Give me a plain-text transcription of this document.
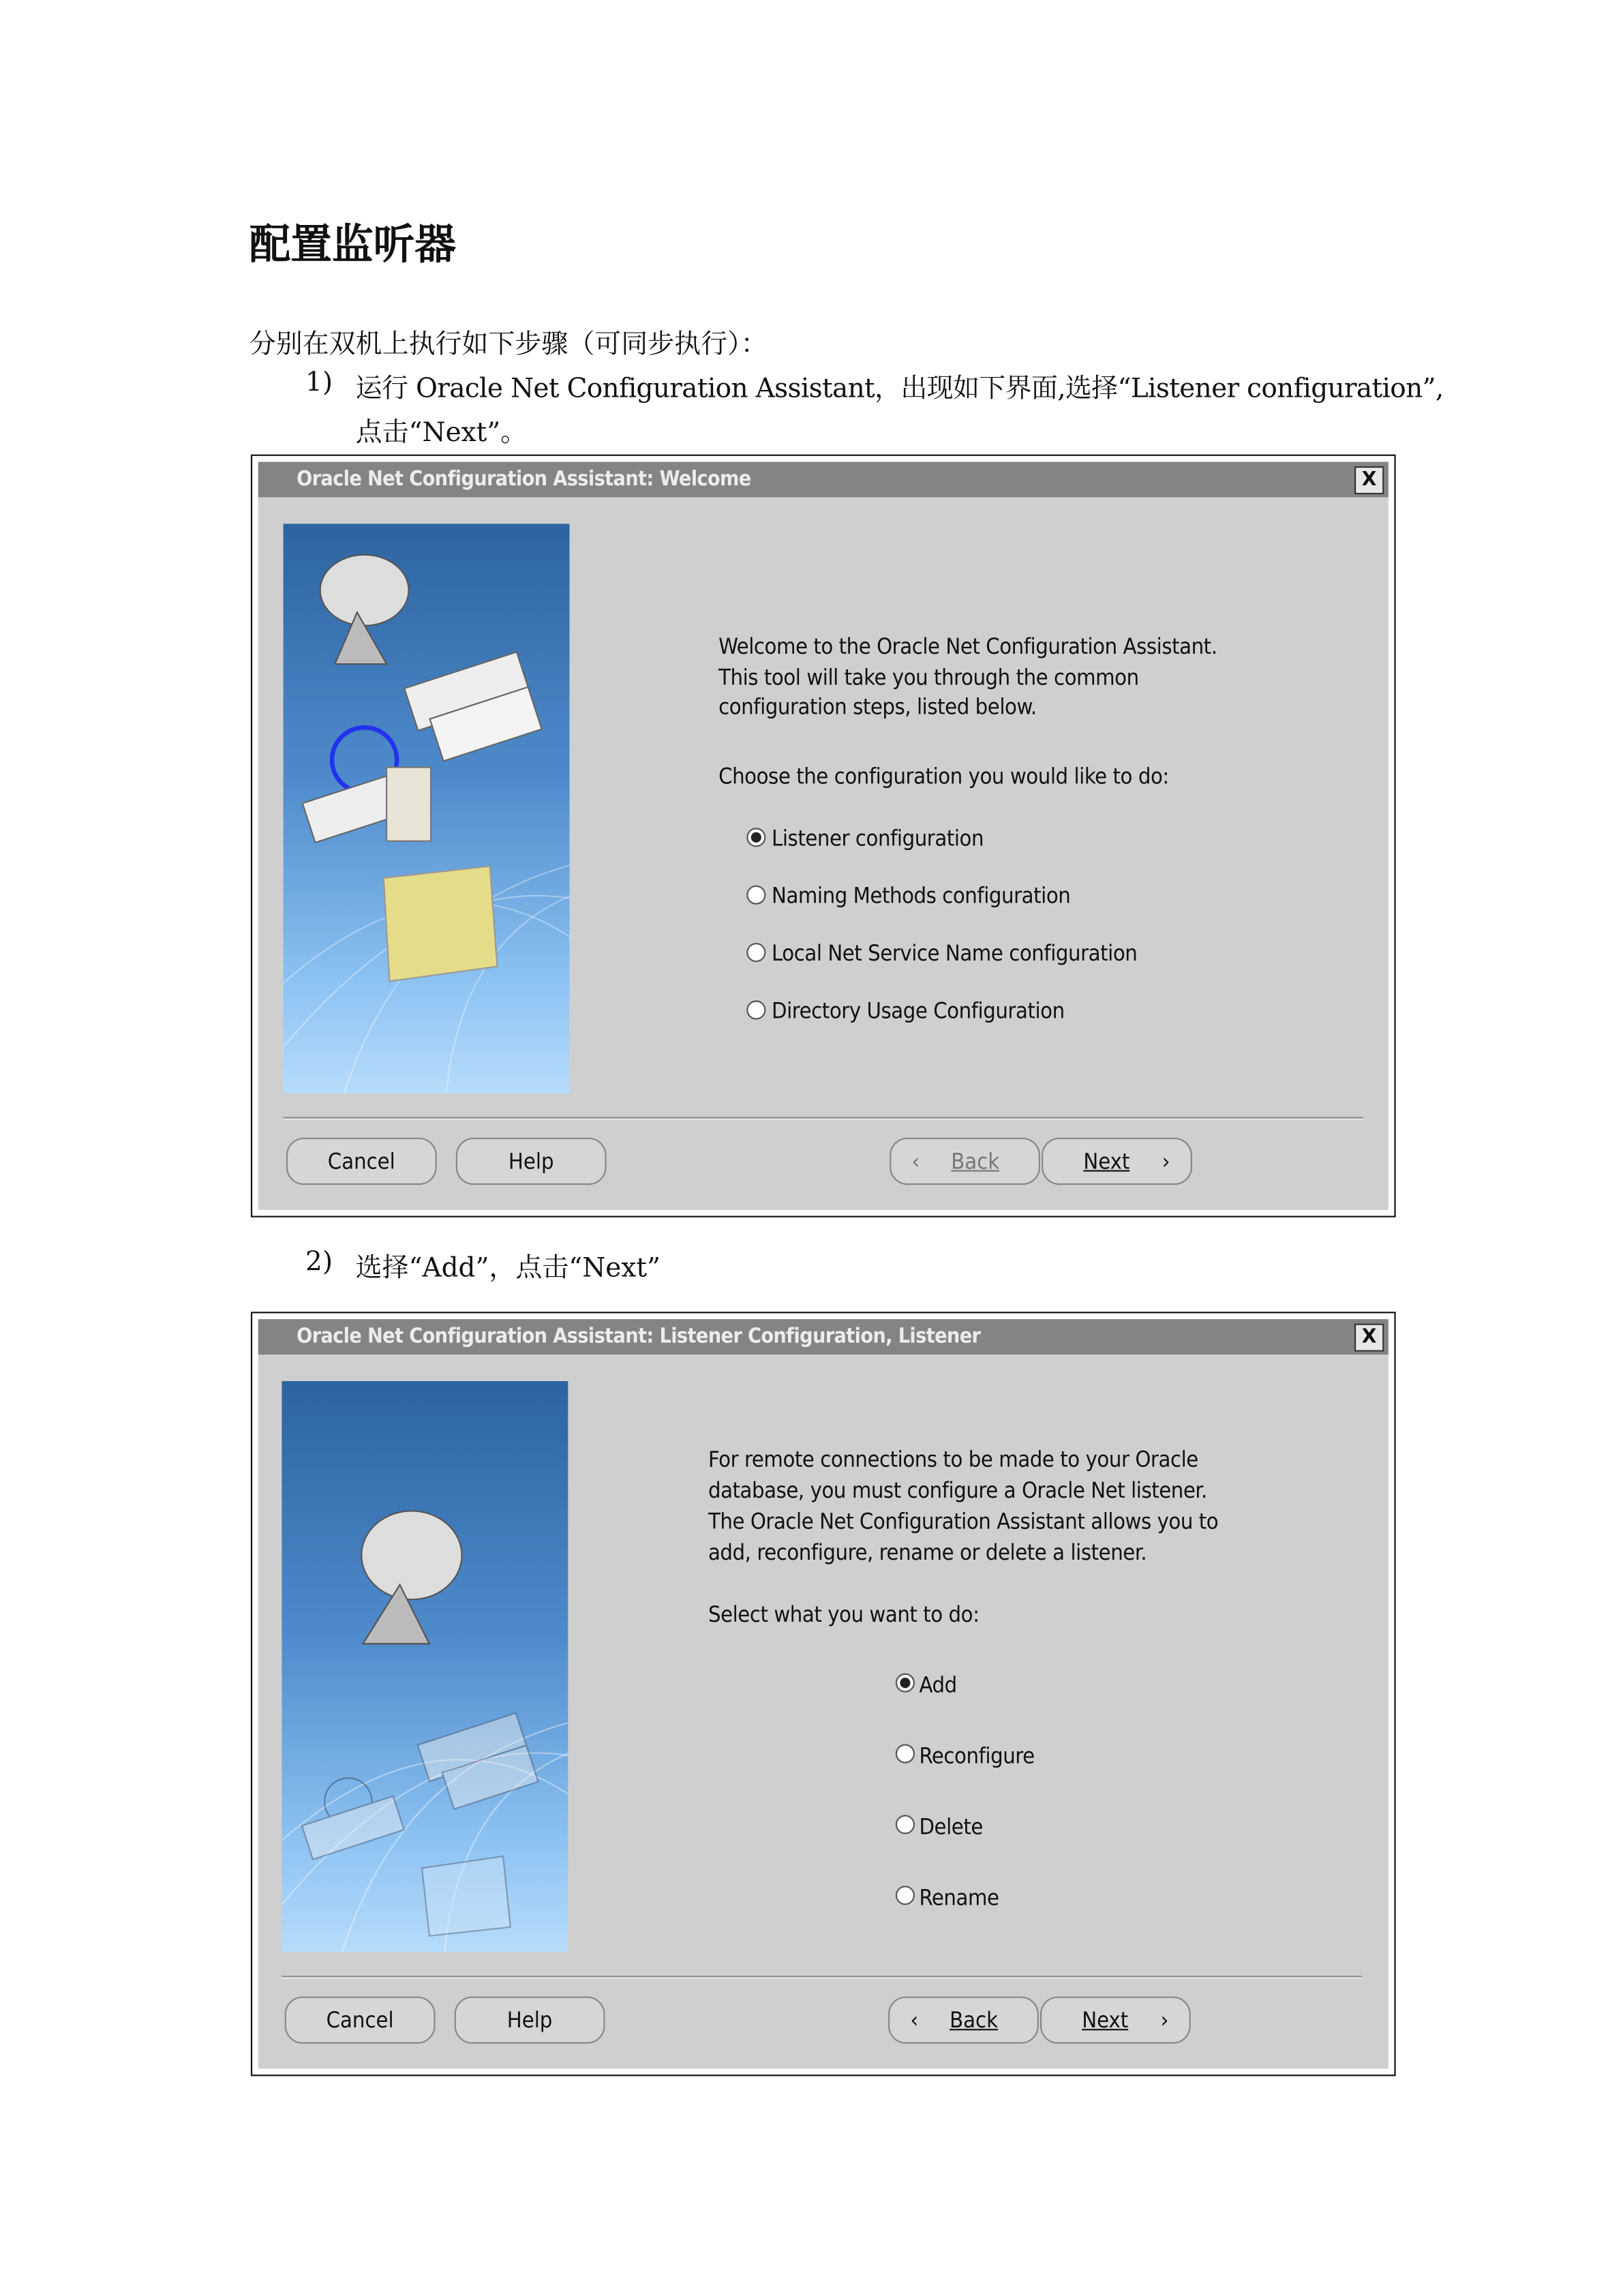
配置监听器
分别在双机上执行如下步骤（可同步执行）：
1) 运行 Oracle Net Configuration Assistant，出现如下界面,选择“Listener configuration”,
点击“Next”。
Oracle Net Configuration Assistant: Welcome	X
Welcome to the Oracle Net Configuration Assistant.
This tool will take you through the common
configuration steps, listed below.
Choose the configuration you would like to do:
Listener configuration
Naming Methods configuration
Local Net Service Name configuration
Directory Usage Configuration
Cancel	Help	‹	Back	Next	›
2) 选择“Add”，点击“Next”
Oracle Net Configuration Assistant: Listener Configuration, Listener	X
For remote connections to be made to your Oracle
database, you must configure a Oracle Net listener.
The Oracle Net Configuration Assistant allows you to
add, reconfigure, rename or delete a listener.
Select what you want to do:
Add
Reconfigure
Delete
Rename
Cancel	Help	‹	Back	Next	›
